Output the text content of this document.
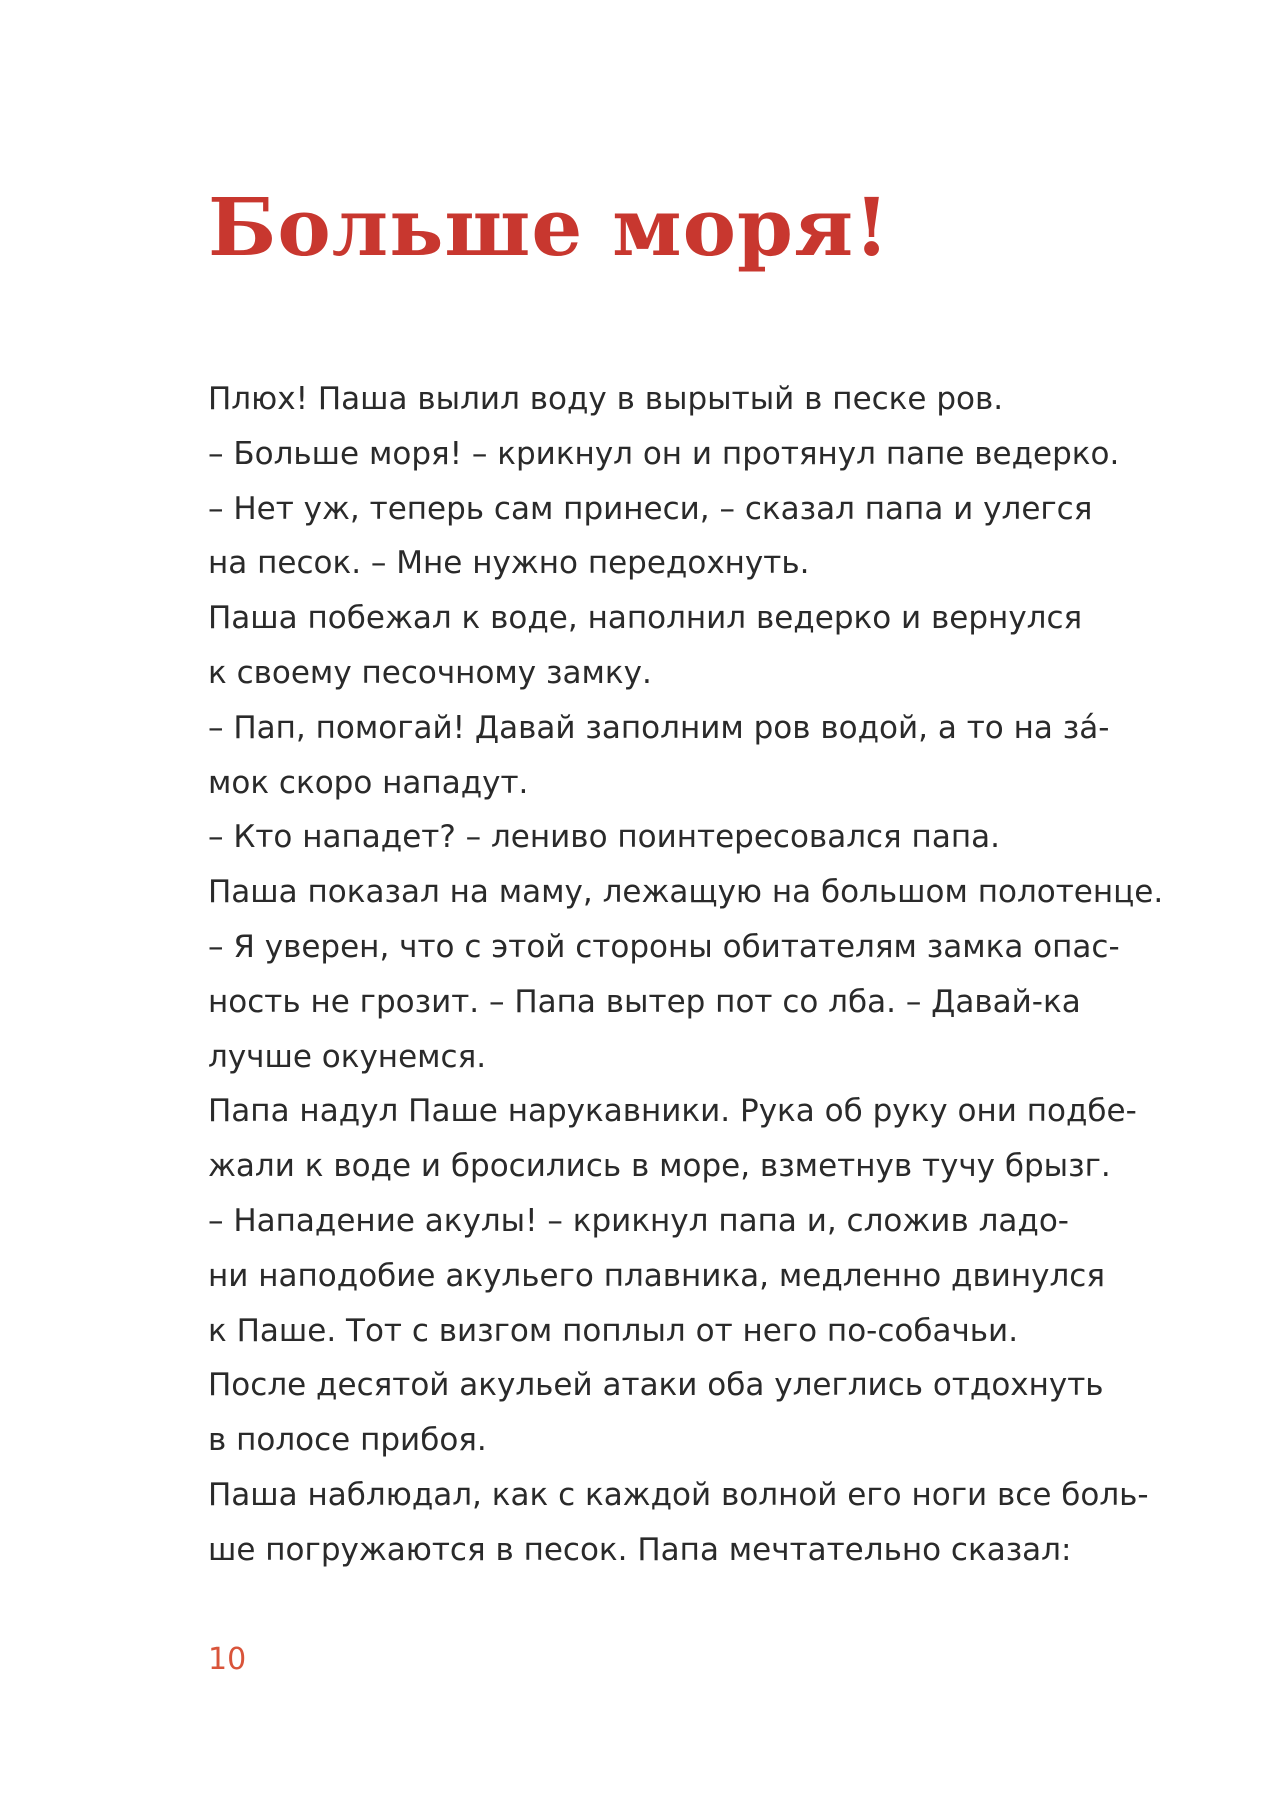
Больше моря!
Плюх! Паша вылил воду в вырытый в песке ров.
– Больше моря! – крикнул он и протянул папе ведерко.
– Нет уж, теперь сам принеси, – сказал папа и улегся
на песок. – Мне нужно передохнуть.
Паша побежал к воде, наполнил ведерко и вернулся
к своему песочному замку.
– Пап, помогай! Давай заполним ров водой, а то на за́-
мок скоро нападут.
– Кто нападет? – лениво поинтересовался папа.
Паша показал на маму, лежащую на большом полотенце.
– Я уверен, что с этой стороны обитателям замка опас-
ность не грозит. – Папа вытер пот со лба. – Давай-ка
лучше окунемся.
Папа надул Паше нарукавники. Рука об руку они подбе-
жали к воде и бросились в море, взметнув тучу брызг.
– Нападение акулы! – крикнул папа и, сложив ладо-
ни наподобие акульего плавника, медленно двинулся
к Паше. Тот с визгом поплыл от него по-собачьи.
После десятой акульей атаки оба улеглись отдохнуть
в полосе прибоя.
Паша наблюдал, как с каждой волной его ноги все боль-
ше погружаются в песок. Папа мечтательно сказал:
10
